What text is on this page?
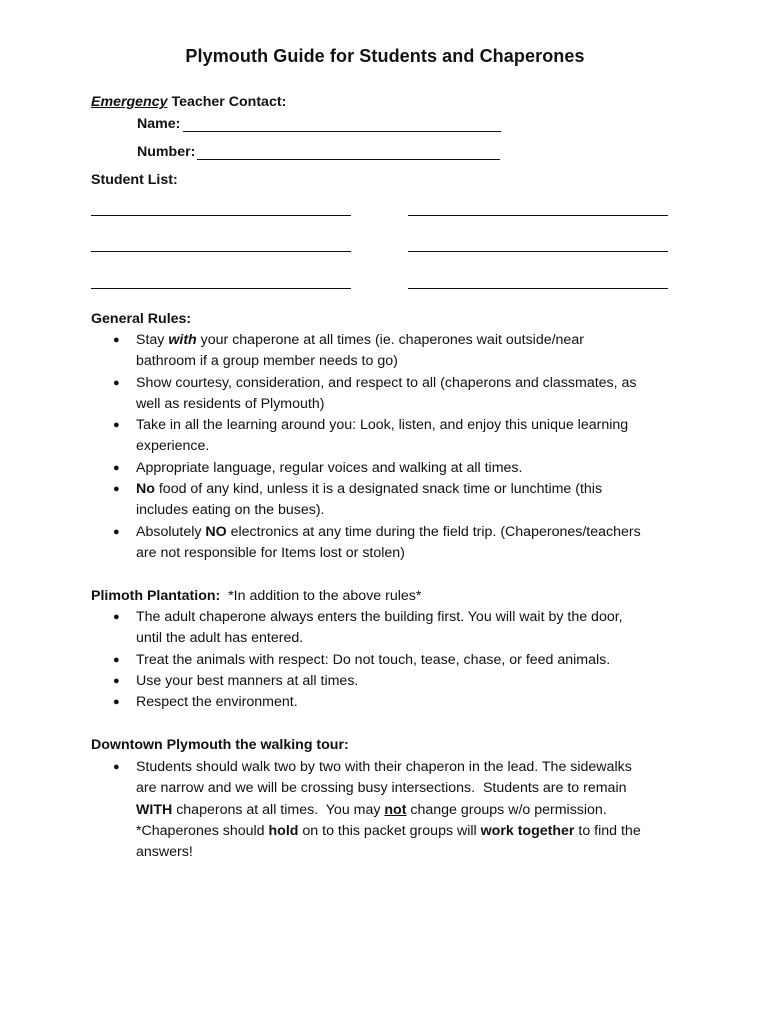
Plymouth Guide for Students and Chaperones
Emergency Teacher Contact:
Name:
Number:
Student List:
General Rules:
● Stay with your chaperone at all times (ie. chaperones wait outside/near
bathroom if a group member needs to go)
● Show courtesy, consideration, and respect to all (chaperons and classmates, as
well as residents of Plymouth)
● Take in all the learning around you: Look, listen, and enjoy this unique learning
experience.
● Appropriate language, regular voices and walking at all times.
● No food of any kind, unless it is a designated snack time or lunchtime (this
includes eating on the buses).
● Absolutely NO electronics at any time during the field trip. (Chaperones/teachers
are not responsible for Items lost or stolen)
Plimoth Plantation:  *In addition to the above rules*
● The adult chaperone always enters the building first. You will wait by the door,
until the adult has entered.
● Treat the animals with respect: Do not touch, tease, chase, or feed animals.
● Use your best manners at all times.
● Respect the environment.
Downtown Plymouth the walking tour:
● Students should walk two by two with their chaperon in the lead. The sidewalks
are narrow and we will be crossing busy intersections.  Students are to remain
WITH chaperons at all times.  You may not change groups w/o permission.
*Chaperones should hold on to this packet groups will work together to find the
answers!
